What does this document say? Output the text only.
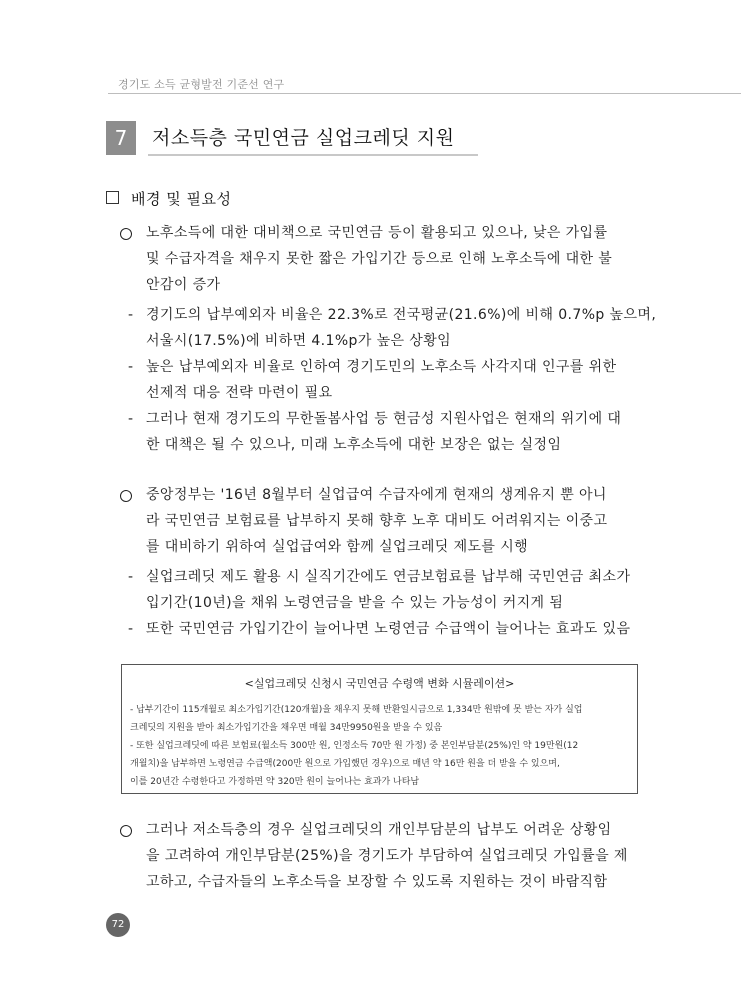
경기도 소득 균형발전 기준선 연구
7	저소득층 국민연금 실업크레딧 지원
배경 및 필요성
노후소득에 대한 대비책으로 국민연금 등이 활용되고 있으나, 낮은 가입률
및 수급자격을 채우지 못한 짧은 가입기간 등으로 인해 노후소득에 대한 불
안감이 증가
- 경기도의 납부예외자 비율은 22.3%로 전국평균(21.6%)에 비해 0.7%p 높으며,
서울시(17.5%)에 비하면 4.1%p가 높은 상황임
- 높은 납부예외자 비율로 인하여 경기도민의 노후소득 사각지대 인구를 위한
선제적 대응 전략 마련이 필요
- 그러나 현재 경기도의 무한돌봄사업 등 현금성 지원사업은 현재의 위기에 대
한 대책은 될 수 있으나, 미래 노후소득에 대한 보장은 없는 실정임
중앙정부는 '16년 8월부터 실업급여 수급자에게 현재의 생계유지 뿐 아니
라 국민연금 보험료를 납부하지 못해 향후 노후 대비도 어려워지는 이중고
를 대비하기 위하여 실업급여와 함께 실업크레딧 제도를 시행
- 실업크레딧 제도 활용 시 실직기간에도 연금보험료를 납부해 국민연금 최소가
입기간(10년)을 채워 노령연금을 받을 수 있는 가능성이 커지게 됨
- 또한 국민연금 가입기간이 늘어나면 노령연금 수급액이 늘어나는 효과도 있음
<실업크레딧 신청시 국민연금 수령액 변화 시뮬레이션>
- 납부기간이 115개월로 최소가입기간(120개월)을 채우지 못해 반환일시금으로 1,334만 원밖에 못 받는 자가 실업
크레딧의 지원을 받아 최소가입기간을 채우면 매월 34만9950원을 받을 수 있음
- 또한 실업크레딧에 따른 보험료(월소득 300만 원, 인정소득 70만 원 가정) 중 본인부담분(25%)인 약 19만원(12
개월치)을 납부하면 노령연금 수급액(200만 원으로 가입했던 경우)으로 매년 약 16만 원을 더 받을 수 있으며,
이를 20년간 수령한다고 가정하면 약 320만 원이 늘어나는 효과가 나타남
그러나 저소득층의 경우 실업크레딧의 개인부담분의 납부도 어려운 상황임
을 고려하여 개인부담분(25%)을 경기도가 부담하여 실업크레딧 가입률을 제
고하고, 수급자들의 노후소득을 보장할 수 있도록 지원하는 것이 바람직함
72
